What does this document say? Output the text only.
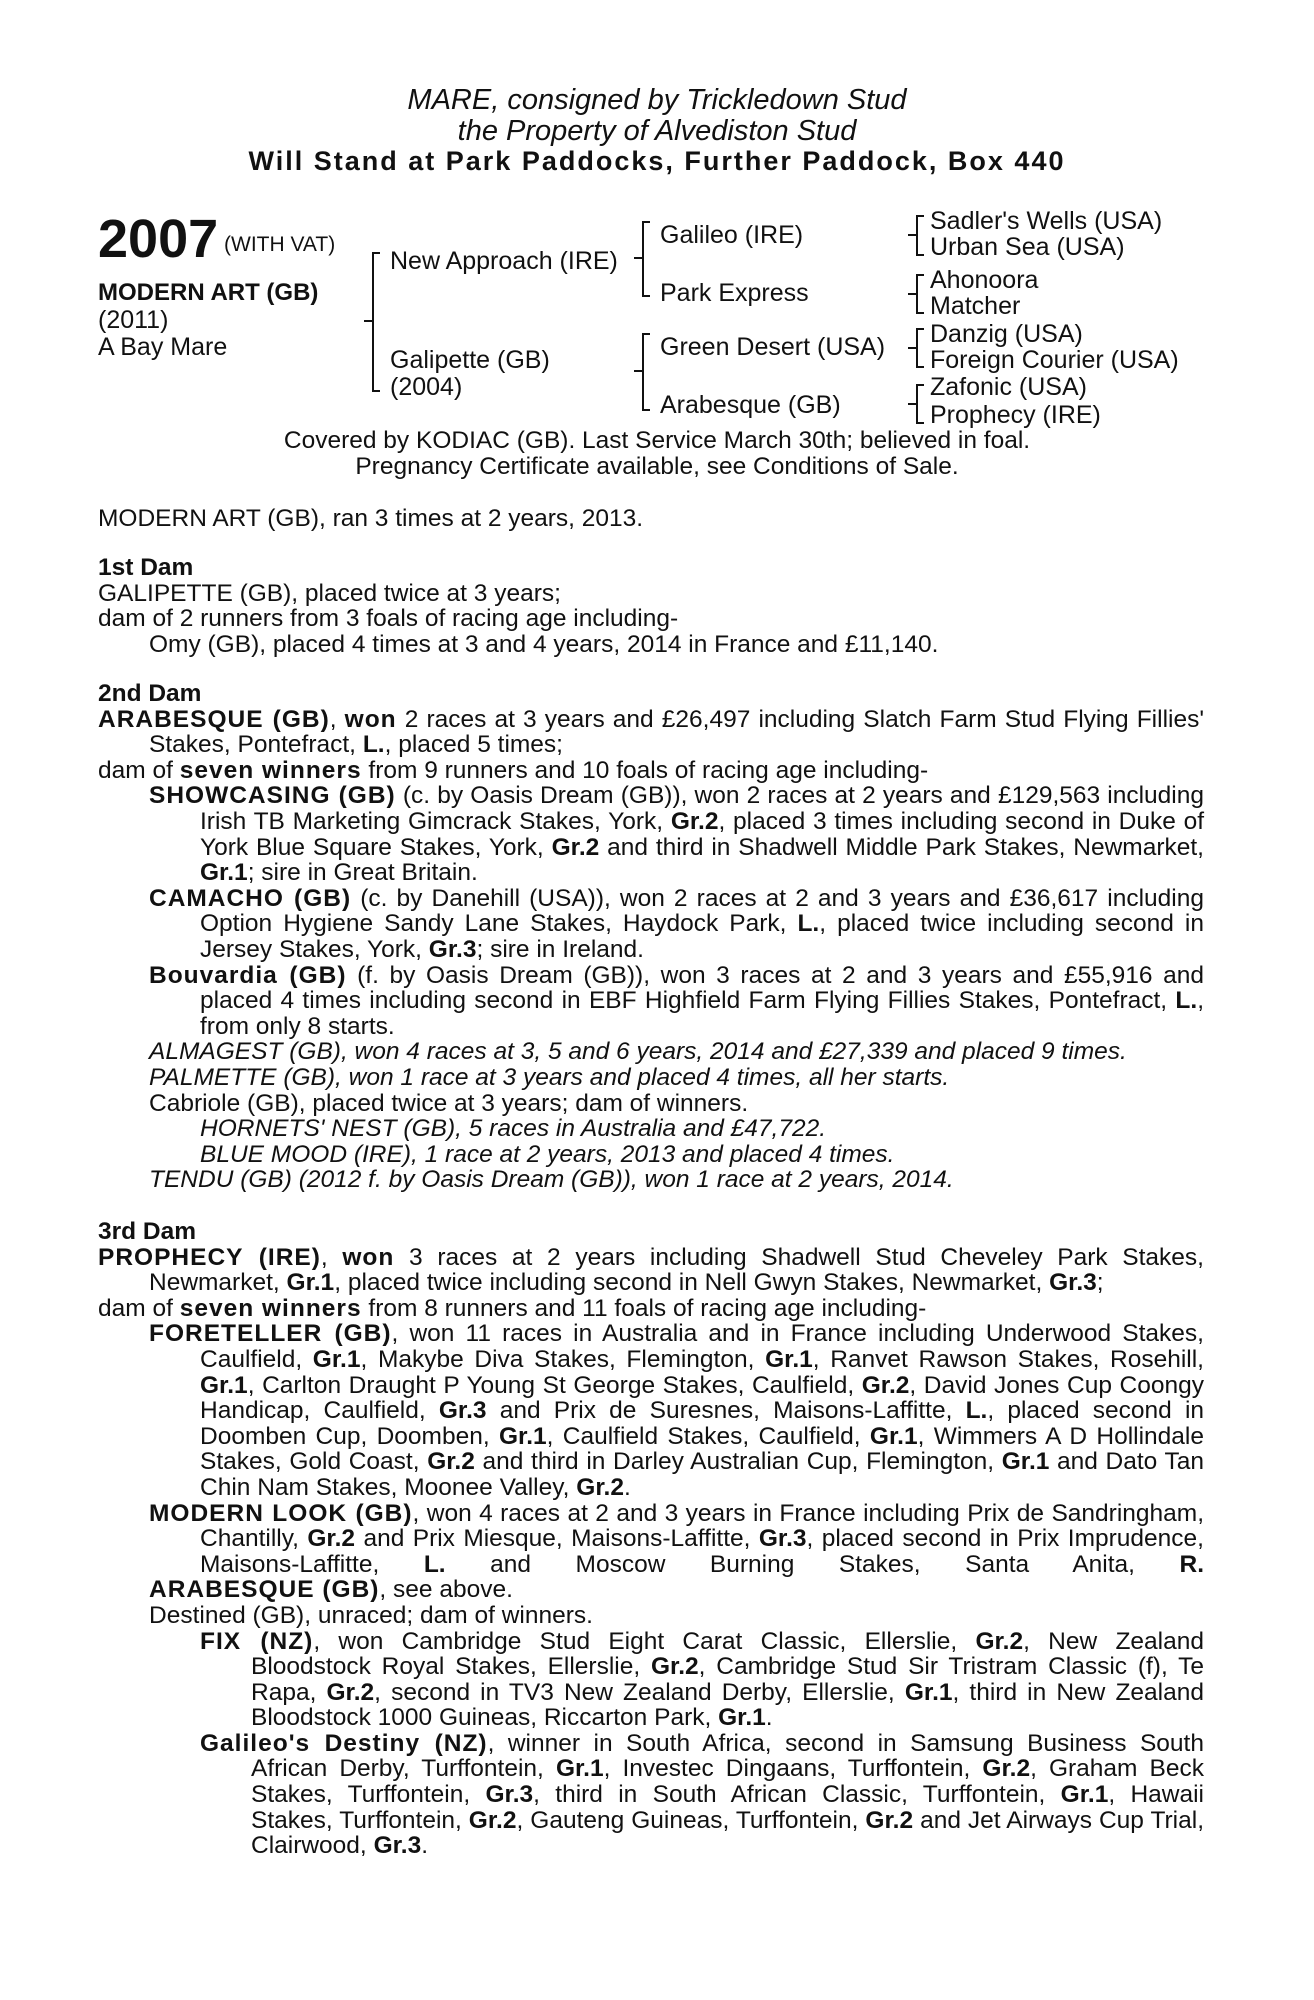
MARE, consigned by Trickledown Stud
the Property of Alvediston Stud
Will Stand at Park Paddocks, Further Paddock, Box 440
2007 (WITH VAT)
MODERN ART (GB)
(2011)
A Bay Mare
New Approach (IRE)
Galipette (GB)
(2004)
Galileo (IRE)
Park Express
Green Desert (USA)
Arabesque (GB)
Sadler's Wells (USA)
Urban Sea (USA)
Ahonoora
Matcher
Danzig (USA)
Foreign Courier (USA)
Zafonic (USA)
Prophecy (IRE)
Covered by KODIAC (GB). Last Service March 30th; believed in foal.
Pregnancy Certificate available, see Conditions of Sale.
MODERN ART (GB), ran 3 times at 2 years, 2013.
1st Dam
GALIPETTE (GB), placed twice at 3 years;
dam of 2 runners from 3 foals of racing age including-
Omy (GB), placed 4 times at 3 and 4 years, 2014 in France and £11,140.
2nd Dam
ARABESQUE (GB), won 2 races at 3 years and £26,497 including Slatch Farm Stud Flying Fillies' Stakes, Pontefract, L., placed 5 times;
dam of seven winners from 9 runners and 10 foals of racing age including-
SHOWCASING (GB) (c. by Oasis Dream (GB)), won 2 races at 2 years and £129,563 including Irish TB Marketing Gimcrack Stakes, York, Gr.2, placed 3 times including second in Duke of York Blue Square Stakes, York, Gr.2 and third in Shadwell Middle Park Stakes, Newmarket, Gr.1; sire in Great Britain.
CAMACHO (GB) (c. by Danehill (USA)), won 2 races at 2 and 3 years and £36,617 including Option Hygiene Sandy Lane Stakes, Haydock Park, L., placed twice including second in Jersey Stakes, York, Gr.3; sire in Ireland.
Bouvardia (GB) (f. by Oasis Dream (GB)), won 3 races at 2 and 3 years and £55,916 and placed 4 times including second in EBF Highfield Farm Flying Fillies Stakes, Pontefract, L., from only 8 starts.
ALMAGEST (GB), won 4 races at 3, 5 and 6 years, 2014 and £27,339 and placed 9 times.
PALMETTE (GB), won 1 race at 3 years and placed 4 times, all her starts.
Cabriole (GB), placed twice at 3 years; dam of winners.
HORNETS' NEST (GB), 5 races in Australia and £47,722.
BLUE MOOD (IRE), 1 race at 2 years, 2013 and placed 4 times.
TENDU (GB) (2012 f. by Oasis Dream (GB)), won 1 race at 2 years, 2014.
3rd Dam
PROPHECY (IRE), won 3 races at 2 years including Shadwell Stud Cheveley Park Stakes, Newmarket, Gr.1, placed twice including second in Nell Gwyn Stakes, Newmarket, Gr.3;
dam of seven winners from 8 runners and 11 foals of racing age including-
FORETELLER (GB), won 11 races in Australia and in France including Underwood Stakes, Caulfield, Gr.1, Makybe Diva Stakes, Flemington, Gr.1, Ranvet Rawson Stakes, Rosehill, Gr.1, Carlton Draught P Young St George Stakes, Caulfield, Gr.2, David Jones Cup Coongy Handicap, Caulfield, Gr.3 and Prix de Suresnes, Maisons-Laffitte, L., placed second in Doomben Cup, Doomben, Gr.1, Caulfield Stakes, Caulfield, Gr.1, Wimmers A D Hollindale Stakes, Gold Coast, Gr.2 and third in Darley Australian Cup, Flemington, Gr.1 and Dato Tan Chin Nam Stakes, Moonee Valley, Gr.2.
MODERN LOOK (GB), won 4 races at 2 and 3 years in France including Prix de Sandringham, Chantilly, Gr.2 and Prix Miesque, Maisons-Laffitte, Gr.3, placed second in Prix Imprudence, Maisons-Laffitte, L. and Moscow Burning Stakes, Santa Anita, R.
ARABESQUE (GB), see above.
Destined (GB), unraced; dam of winners.
FIX (NZ), won Cambridge Stud Eight Carat Classic, Ellerslie, Gr.2, New Zealand Bloodstock Royal Stakes, Ellerslie, Gr.2, Cambridge Stud Sir Tristram Classic (f), Te Rapa, Gr.2, second in TV3 New Zealand Derby, Ellerslie, Gr.1, third in New Zealand Bloodstock 1000 Guineas, Riccarton Park, Gr.1.
Galileo's Destiny (NZ), winner in South Africa, second in Samsung Business South African Derby, Turffontein, Gr.1, Investec Dingaans, Turffontein, Gr.2, Graham Beck Stakes, Turffontein, Gr.3, third in South African Classic, Turffontein, Gr.1, Hawaii Stakes, Turffontein, Gr.2, Gauteng Guineas, Turffontein, Gr.2 and Jet Airways Cup Trial, Clairwood, Gr.3.
